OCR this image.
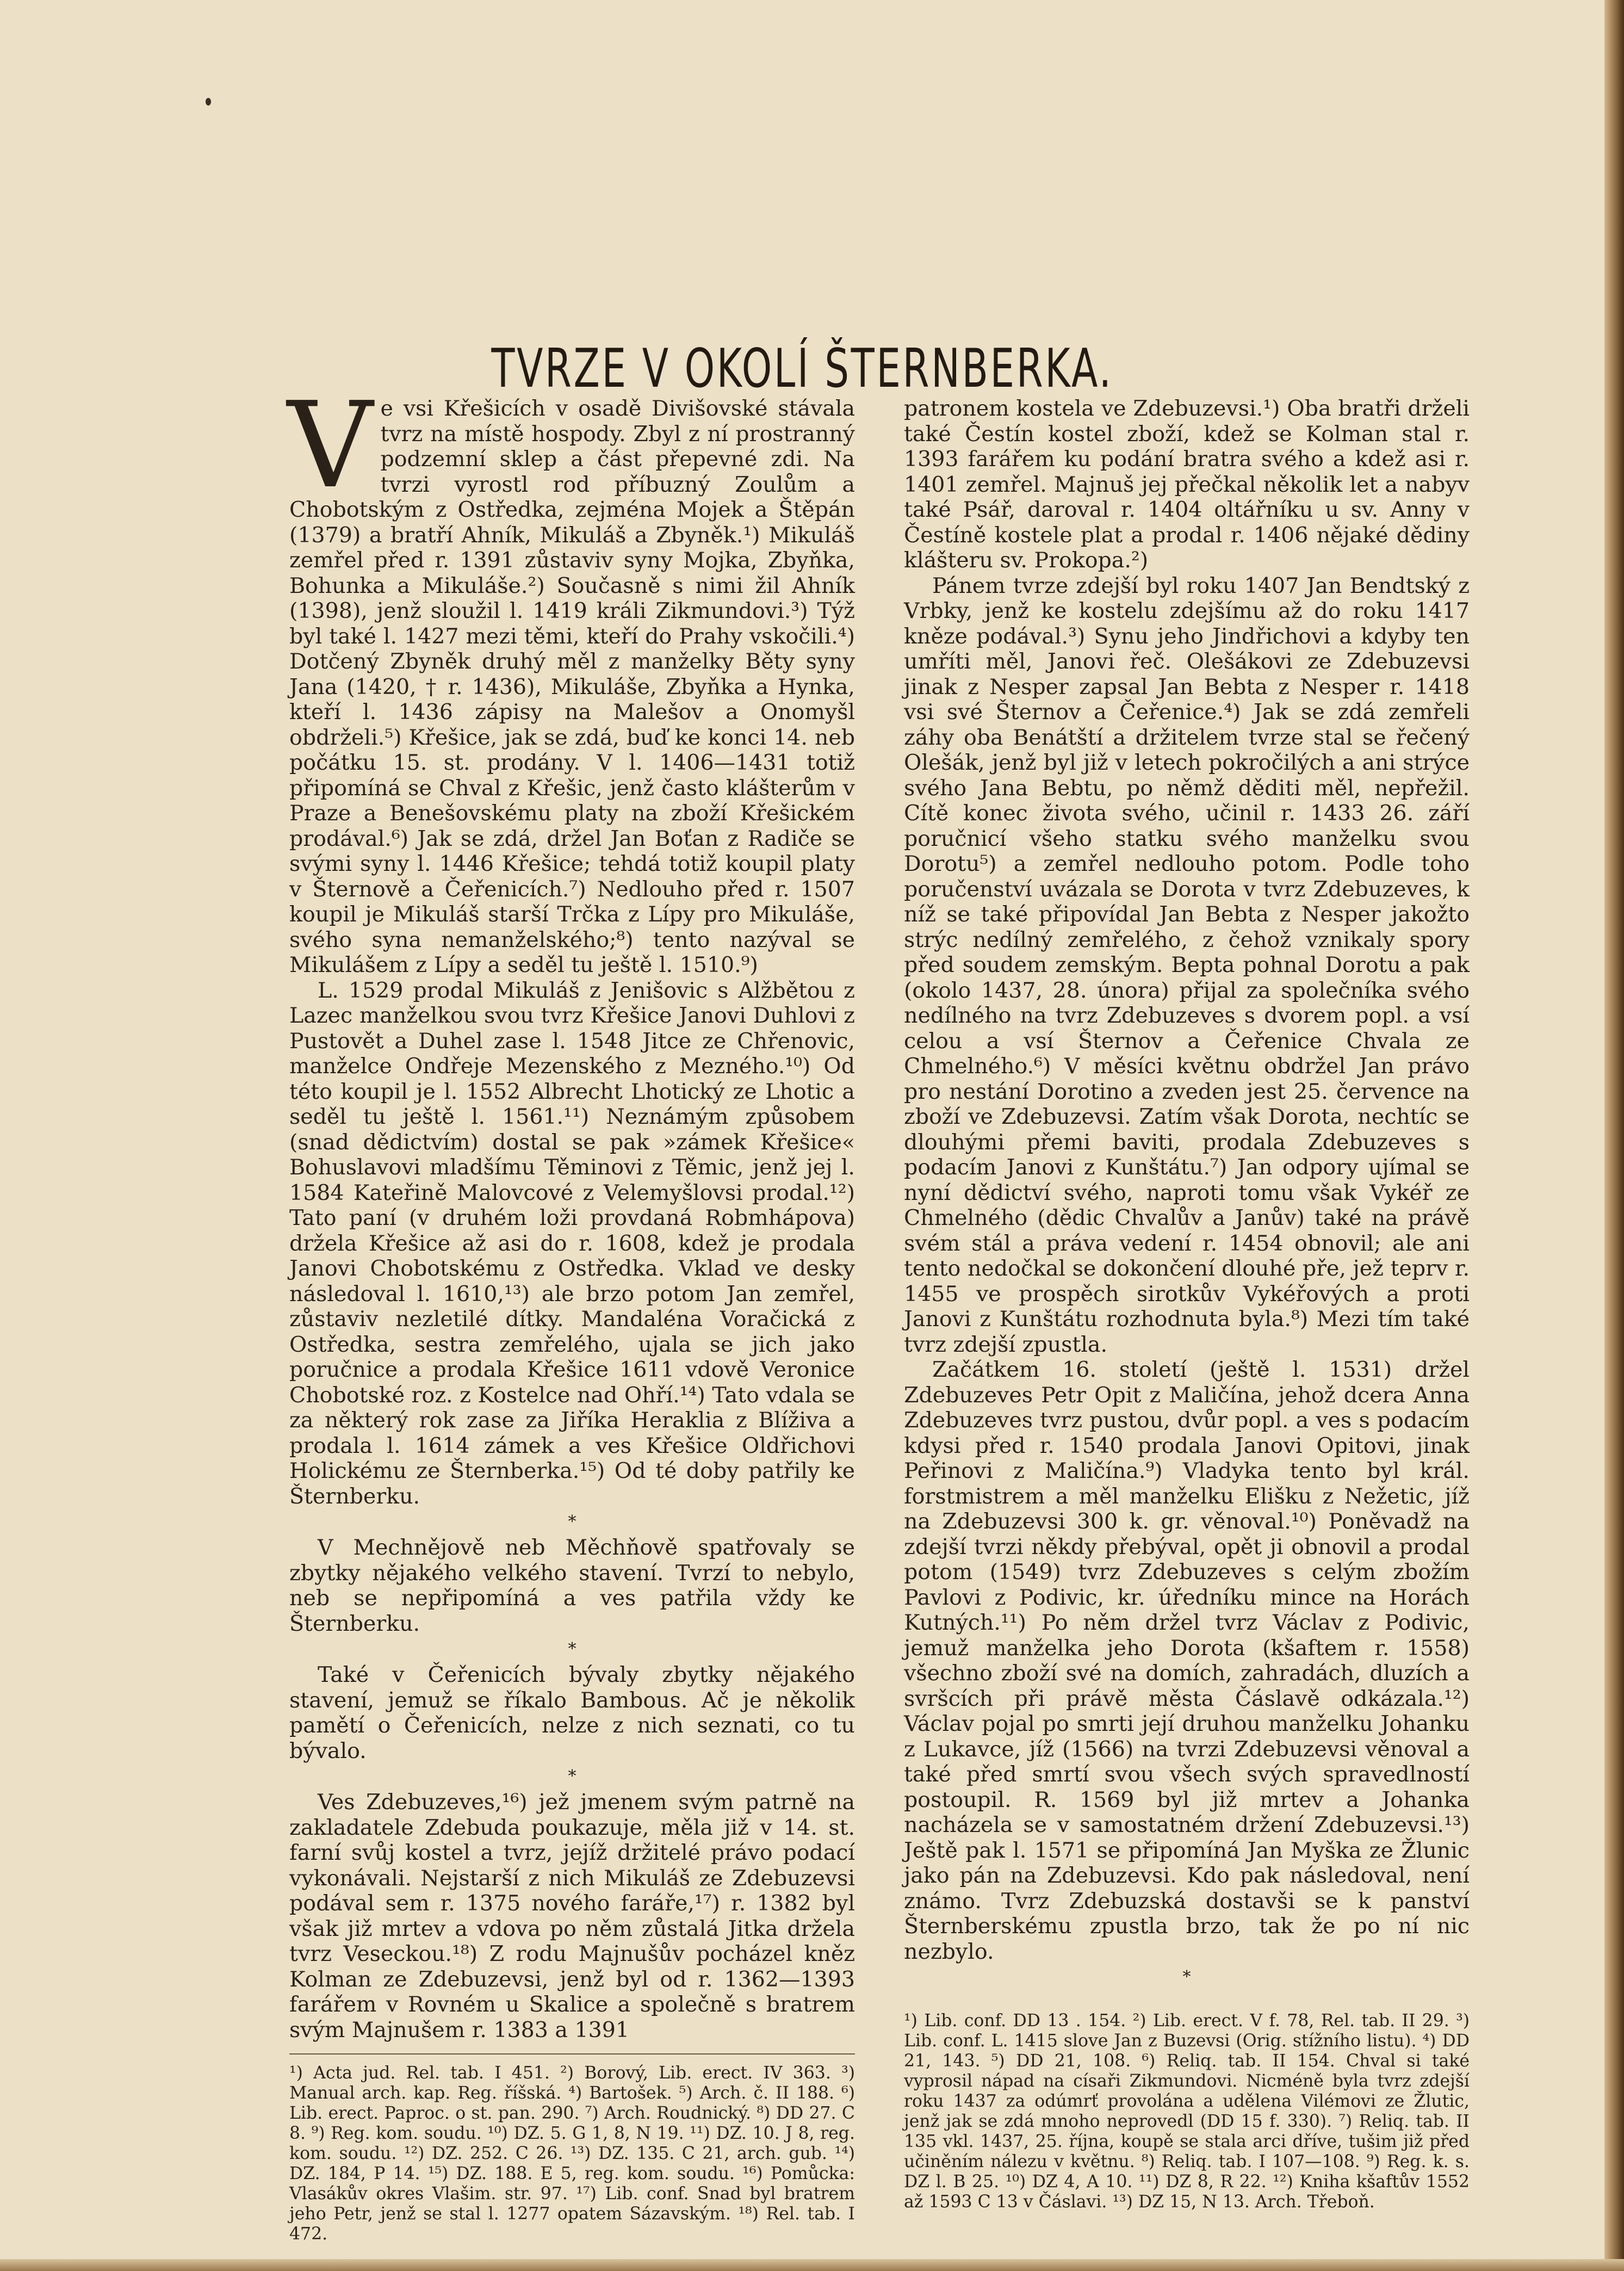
TVRZE V OKOLÍ ŠTERNBERKA.

Ve vsi Křešicích v osadě Divišovské stávala tvrz na místě hospody. Zbyl z ní prostranný podzemní sklep a část přepevné zdi. Na tvrzi vyrostl rod příbuzný Zoulům a Chobotským z Ostředka, zejména Mojek a Štěpán (1379) a bratří Ahník, Mikuláš a Zbyněk.¹) Mikuláš zemřel před r. 1391 zůstaviv syny Mojka, Zbyňka, Bohunka a Mikuláše.²) Současně s nimi žil Ahník (1398), jenž sloužil l. 1419 králi Zikmundovi.³) Týž byl také l. 1427 mezi těmi, kteří do Prahy vskočili.⁴) Dotčený Zbyněk druhý měl z manželky Běty syny Jana (1420, † r. 1436), Mikuláše, Zbyňka a Hynka, kteří l. 1436 zápisy na Malešov a Onomyšl obdrželi.⁵) Křešice, jak se zdá, buď ke konci 14. neb počátku 15. st. prodány. V l. 1406—1431 totiž připomíná se Chval z Křešic, jenž často klášterům v Praze a Benešovskému platy na zboží Křešickém prodával.⁶) Jak se zdá, držel Jan Boťan z Radiče se svými syny l. 1446 Křešice; tehdá totiž koupil platy v Šternově a Čeřenicích.⁷) Nedlouho před r. 1507 koupil je Mikuláš starší Trčka z Lípy pro Mikuláše, svého syna nemanželského;⁸) tento nazýval se Mikulášem z Lípy a seděl tu ještě l. 1510.⁹)

L. 1529 prodal Mikuláš z Jenišovic s Alžbětou z Lazec manželkou svou tvrz Křešice Janovi Duhlovi z Pustovět a Duhel zase l. 1548 Jitce ze Chřenovic, manželce Ondřeje Mezenského z Mezného.¹⁰) Od této koupil je l. 1552 Albrecht Lhotický ze Lhotic a seděl tu ještě l. 1561.¹¹) Neznámým způsobem (snad dědictvím) dostal se pak »zámek Křešice« Bohuslavovi mladšímu Těminovi z Těmic, jenž jej l. 1584 Kateřině Malovcové z Velemyšlovsi prodal.¹²) Tato paní (v druhém loži provdaná Robmhápova) držela Křešice až asi do r. 1608, kdež je prodala Janovi Chobotskému z Ostředka. Vklad ve desky následoval l. 1610,¹³) ale brzo potom Jan zemřel, zůstaviv nezletilé dítky. Mandaléna Voračická z Ostředka, sestra zemřelého, ujala se jich jako poručnice a prodala Křešice 1611 vdově Veronice Chobotské roz. z Kostelce nad Ohří.¹⁴) Tato vdala se za některý rok zase za Jiříka Heraklia z Blíživa a prodala l. 1614 zámek a ves Křešice Oldřichovi Holickému ze Šternberka.¹⁵) Od té doby patřily ke Šternberku.

*

V Mechnějově neb Měchňově spatřovaly se zbytky nějakého velkého stavení. Tvrzí to nebylo, neb se nepřipomíná a ves patřila vždy ke Šternberku.

*

Také v Čeřenicích bývaly zbytky nějakého stavení, jemuž se říkalo Bambous. Ač je několik pamětí o Čeřenicích, nelze z nich seznati, co tu bývalo.

*

Ves Zdebuzeves,¹⁶) jež jmenem svým patrně na zakladatele Zdebuda poukazuje, měla již v 14. st. farní svůj kostel a tvrz, jejíž držitelé právo podací vykonávali. Nejstarší z nich Mikuláš ze Zdebuzevsi podával sem r. 1375 nového faráře,¹⁷) r. 1382 byl však již mrtev a vdova po něm zůstalá Jitka držela tvrz Veseckou.¹⁸) Z rodu Majnušův pocházel kněz Kolman ze Zdebuzevsi, jenž byl od r. 1362—1393 farářem v Rovném u Skalice a společně s bratrem svým Majnušem r. 1383 a 1391

¹) Acta jud. Rel. tab. I 451. ²) Borový, Lib. erect. IV 363. ³) Manual arch. kap. Reg. říšská. ⁴) Bartošek. ⁵) Arch. č. II 188. ⁶) Lib. erect. Paproc. o st. pan. 290. ⁷) Arch. Roudnický. ⁸) DD 27. C 8. ⁹) Reg. kom. soudu. ¹⁰) DZ. 5. G 1, 8, N 19. ¹¹) DZ. 10. J 8, reg. kom. soudu. ¹²) DZ. 252. C 26. ¹³) DZ. 135. C 21, arch. gub. ¹⁴) DZ. 184, P 14. ¹⁵) DZ. 188. E 5, reg. kom. soudu. ¹⁶) Pomůcka: Vlasákův okres Vlašim. str. 97. ¹⁷) Lib. conf. Snad byl bratrem jeho Petr, jenž se stal l. 1277 opatem Sázavským. ¹⁸) Rel. tab. I 472.

patronem kostela ve Zdebuzevsi.¹) Oba bratři drželi také Čestín kostel zboží, kdež se Kolman stal r. 1393 farářem ku podání bratra svého a kdež asi r. 1401 zemřel. Majnuš jej přečkal několik let a nabyv také Psář, daroval r. 1404 oltářníku u sv. Anny v Čestíně kostele plat a prodal r. 1406 nějaké dědiny klášteru sv. Prokopa.²)

Pánem tvrze zdejší byl roku 1407 Jan Bendtský z Vrbky, jenž ke kostelu zdejšímu až do roku 1417 kněze podával.³) Synu jeho Jindřichovi a kdyby ten umříti měl, Janovi řeč. Olešákovi ze Zdebuzevsi jinak z Nesper zapsal Jan Bebta z Nesper r. 1418 vsi své Šternov a Čeřenice.⁴) Jak se zdá zemřeli záhy oba Benátští a držitelem tvrze stal se řečený Olešák, jenž byl již v letech pokročilých a ani strýce svého Jana Bebtu, po němž děditi měl, nepřežil. Cítě konec života svého, učinil r. 1433 26. září poručnicí všeho statku svého manželku svou Dorotu⁵) a zemřel nedlouho potom. Podle toho poručenství uvázala se Dorota v tvrz Zdebuzeves, k níž se také připovídal Jan Bebta z Nesper jakožto strýc nedílný zemřelého, z čehož vznikaly spory před soudem zemským. Bepta pohnal Dorotu a pak (okolo 1437, 28. února) přijal za společníka svého nedílného na tvrz Zdebuzeves s dvorem popl. a vsí celou a vsí Šternov a Čeřenice Chvala ze Chmelného.⁶) V měsíci květnu obdržel Jan právo pro nestání Dorotino a zveden jest 25. července na zboží ve Zdebuzevsi. Zatím však Dorota, nechtíc se dlouhými přemi baviti, prodala Zdebuzeves s podacím Janovi z Kunštátu.⁷) Jan odpory ujímal se nyní dědictví svého, naproti tomu však Vykéř ze Chmelného (dědic Chvalův a Janův) také na právě svém stál a práva vedení r. 1454 obnovil; ale ani tento nedočkal se dokončení dlouhé pře, jež teprv r. 1455 ve prospěch sirotkův Vykéřových a proti Janovi z Kunštátu rozhodnuta byla.⁸) Mezi tím také tvrz zdejší zpustla.

Začátkem 16. století (ještě l. 1531) držel Zdebuzeves Petr Opit z Maličína, jehož dcera Anna Zdebuzeves tvrz pustou, dvůr popl. a ves s podacím kdysi před r. 1540 prodala Janovi Opitovi, jinak Peřinovi z Maličína.⁹) Vladyka tento byl král. forstmistrem a měl manželku Elišku z Nežetic, jíž na Zdebuzevsi 300 k. gr. věnoval.¹⁰) Poněvadž na zdejší tvrzi někdy přebýval, opět ji obnovil a prodal potom (1549) tvrz Zdebuzeves s celým zbožím Pavlovi z Podivic, kr. úředníku mince na Horách Kutných.¹¹) Po něm držel tvrz Václav z Podivic, jemuž manželka jeho Dorota (kšaftem r. 1558) všechno zboží své na domích, zahradách, dluzích a svršcích při právě města Čáslavě odkázala.¹²) Václav pojal po smrti její druhou manželku Johanku z Lukavce, jíž (1566) na tvrzi Zdebuzevsi věnoval a také před smrtí svou všech svých spravedlností postoupil. R. 1569 byl již mrtev a Johanka nacházela se v samostatném držení Zdebuzevsi.¹³) Ještě pak l. 1571 se připomíná Jan Myška ze Žlunic jako pán na Zdebuzevsi. Kdo pak následoval, není známo. Tvrz Zdebuzská dostavši se k panství Šternberskému zpustla brzo, tak že po ní nic nezbylo.

*
¹) Lib. conf. DD 13 . 154. ²) Lib. erect. V f. 78, Rel. tab. II 29. ³) Lib. conf. L. 1415 slove Jan z Buzevsi (Orig. stížního listu). ⁴) DD 21, 143. ⁵) DD 21, 108. ⁶) Reliq. tab. II 154. Chval si také vyprosil nápad na císaři Zikmundovi. Nicméně byla tvrz zdejší roku 1437 za odúmrť provolána a udělena Vilémovi ze Žlutic, jenž jak se zdá mnoho neprovedl (DD 15 f. 330). ⁷) Reliq. tab. II 135 vkl. 1437, 25. října, koupě se stala arci dříve, tušim již před učiněním nálezu v květnu. ⁸) Reliq. tab. I 107—108. ⁹) Reg. k. s. DZ l. B 25. ¹⁰) DZ 4, A 10. ¹¹) DZ 8, R 22. ¹²) Kniha kšaftův 1552 až 1593 C 13 v Čáslavi. ¹³) DZ 15, N 13. Arch. Třeboň.
